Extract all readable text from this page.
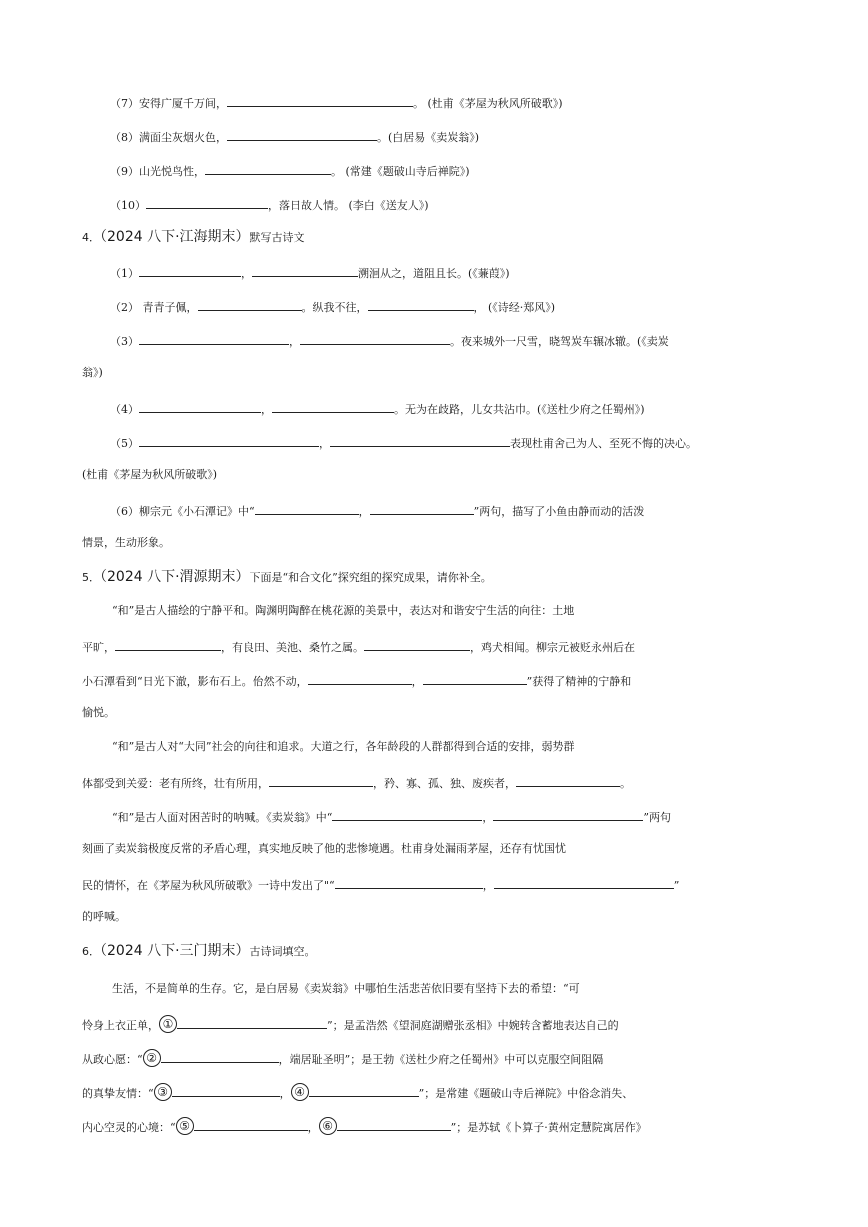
（7）安得广厦千万间，	。 (杜甫《茅屋为秋风所破歌》)
（8）满面尘灰烟火色，	。(白居易《卖炭翁》)
（9）山光悦鸟性，	。 (常建《题破山寺后禅院》)
（10）	，落日故人情。 (李白《送友人》)
4．（2024 八下·江海期末）默写古诗文
（1）	，	溯洄从之，道阻且长。(《蒹葭》)
（2） 青青子佩，	。纵我不往，	， (《诗经·郑风》)
（3）	，	。夜来城外一尺雪，晓驾炭车辗冰辙。(《卖炭
翁》)
（4）	，	。无为在歧路，儿女共沾巾。(《送杜少府之任蜀州》)
（5）	，	表现杜甫舍己为人、至死不悔的决心。
(杜甫《茅屋为秋风所破歌》)
（6）柳宗元《小石潭记》中“	，	”两句，描写了小鱼由静而动的活泼
情景，生动形象。
5．（2024 八下·渭源期末）下面是“和合文化”探究组的探究成果，请你补全。
“和”是古人描绘的宁静平和。陶渊明陶醉在桃花源的美景中，表达对和谐安宁生活的向往：土地
平旷，	，有良田、美池、桑竹之属。	，鸡犬相闻。柳宗元被贬永州后在
小石潭看到“日光下澈，影布石上。佁然不动，	，	”获得了精神的宁静和
愉悦。
“和”是古人对“大同”社会的向往和追求。大道之行，各年龄段的人群都得到合适的安排，弱势群
体都受到关爱：老有所终，壮有所用，	，矜、寡、孤、独、废疾者，	。
“和”是古人面对困苦时的呐喊。《卖炭翁》中“	，	”两句
刻画了卖炭翁极度反常的矛盾心理，真实地反映了他的悲惨境遇。杜甫身处漏雨茅屋，还存有忧国忧
民的情怀，在《茅屋为秋风所破歌》一诗中发出了"“	，	”
的呼喊。
6．（2024 八下·三门期末）古诗词填空。
生活，不是简单的生存。它，是白居易《卖炭翁》中哪怕生活悲苦依旧要有坚持下去的希望：“可
怜身上衣正单， ①	”；是孟浩然《望洞庭湖赠张丞相》中婉转含蓄地表达自己的
从政心愿：“ ②	，端居耻圣明”；是王勃《送杜少府之任蜀州》中可以克服空间阻隔
的真挚友情：“ ③	， ④	”；是常建《题破山寺后禅院》中俗念消失、
内心空灵的心境：“ ⑤	， ⑥	”；是苏轼《卜算子·黄州定慧院寓居作》
